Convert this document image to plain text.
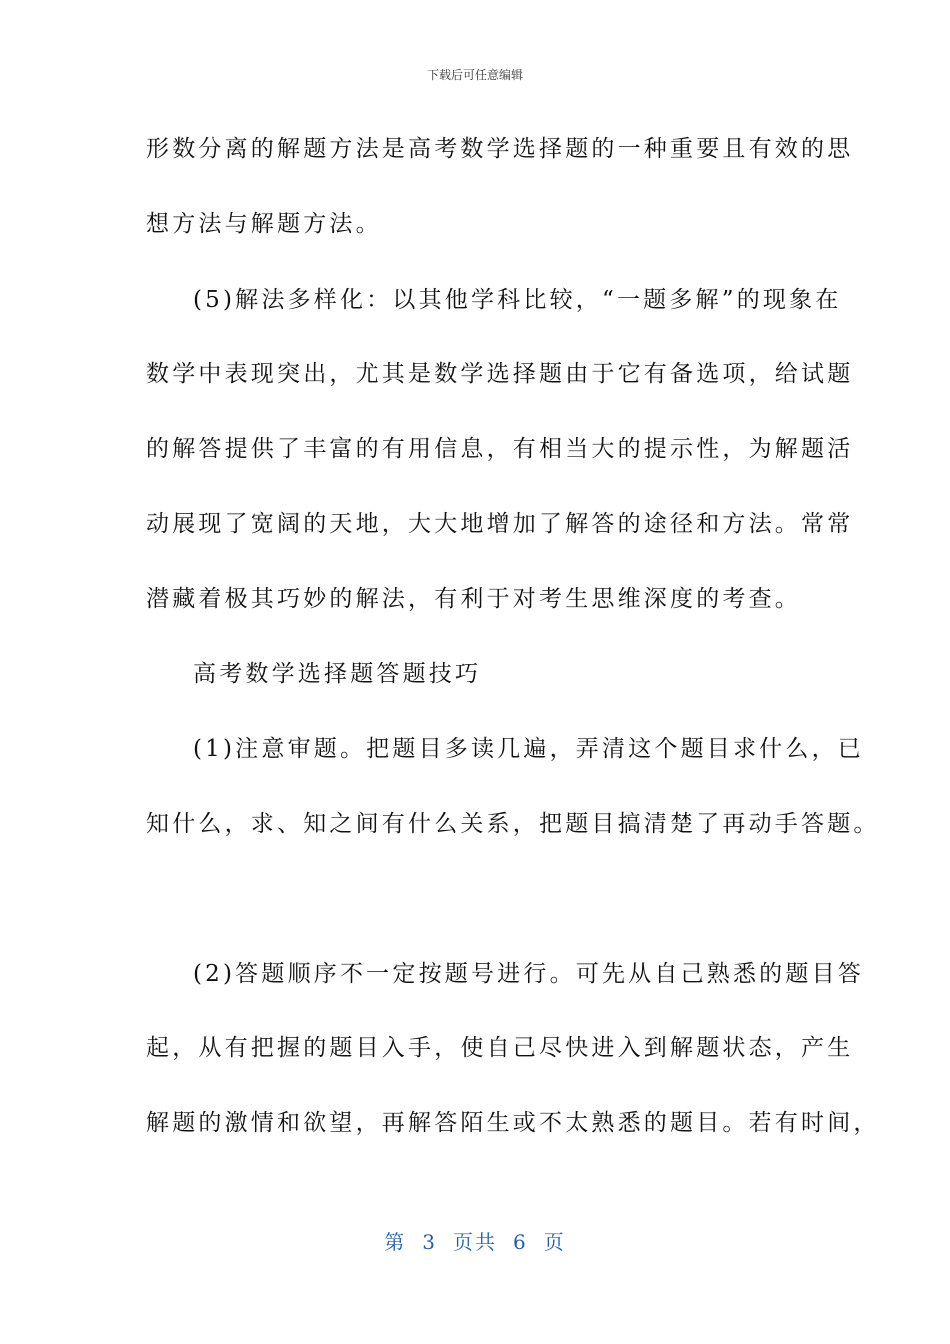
下载后可任意编辑
形数分离的解题方法是高考数学选择题的一种重要且有效的思
想方法与解题方法。
(5)解法多样化：以其他学科比较，“一题多解”的现象在
数学中表现突出，尤其是数学选择题由于它有备选项，给试题
的解答提供了丰富的有用信息，有相当大的提示性，为解题活
动展现了宽阔的天地，大大地增加了解答的途径和方法。常常
潜藏着极其巧妙的解法，有利于对考生思维深度的考查。
高考数学选择题答题技巧
(1)注意审题。把题目多读几遍，弄清这个题目求什么，已
知什么，求、知之间有什么关系，把题目搞清楚了再动手答题。
(2)答题顺序不一定按题号进行。可先从自己熟悉的题目答
起，从有把握的题目入手，使自己尽快进入到解题状态，产生
解题的激情和欲望，再解答陌生或不太熟悉的题目。若有时间，
第 3 页共 6 页
